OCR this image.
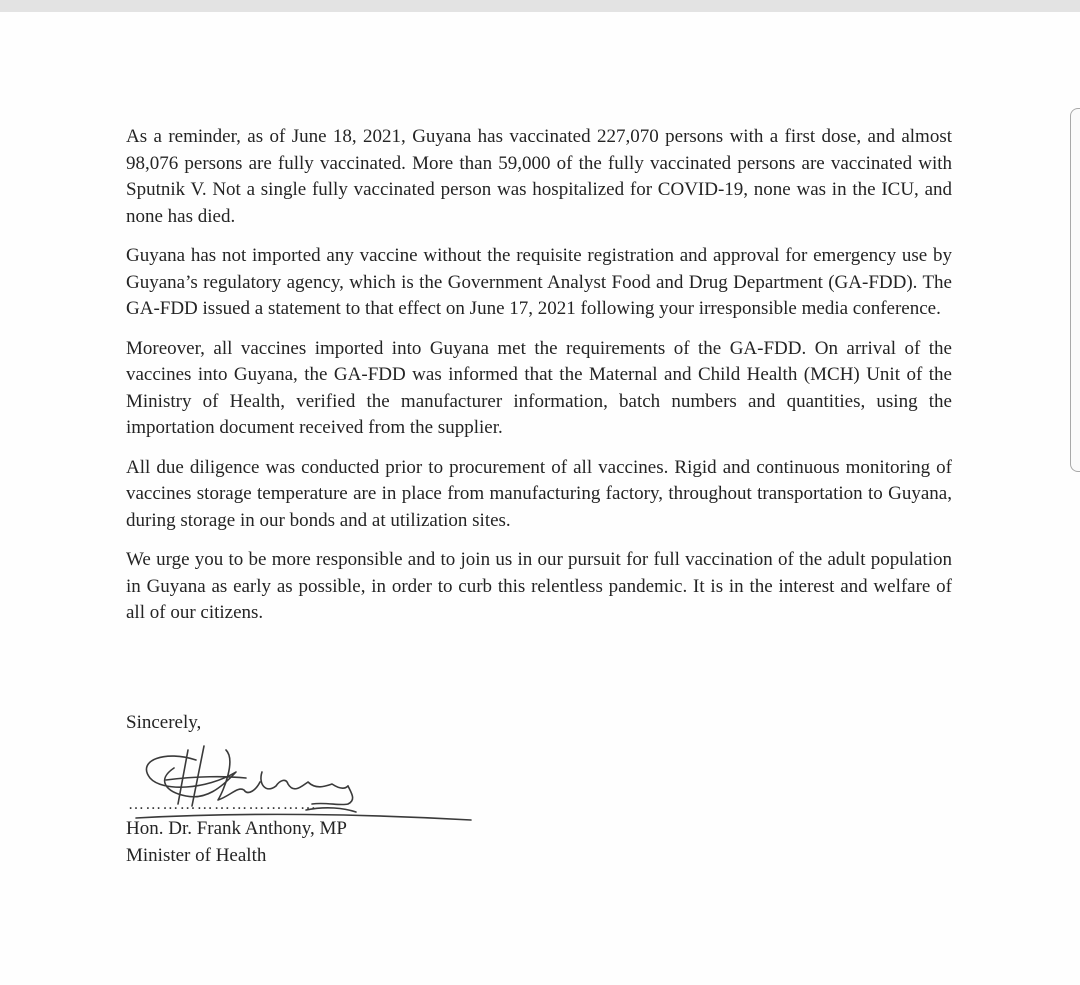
As a reminder, as of June 18, 2021, Guyana has vaccinated 227,070 persons with a first dose, and almost 98,076 persons are fully vaccinated. More than 59,000 of the fully vaccinated persons are vaccinated with Sputnik V. Not a single fully vaccinated person was hospitalized for COVID-19, none was in the ICU, and none has died.

Guyana has not imported any vaccine without the requisite registration and approval for emergency use by Guyana’s regulatory agency, which is the Government Analyst Food and Drug Department (GA-FDD). The GA-FDD issued a statement to that effect on June 17, 2021 following your irresponsible media conference.

Moreover, all vaccines imported into Guyana met the requirements of the GA-FDD. On arrival of the vaccines into Guyana, the GA-FDD was informed that the Maternal and Child Health (MCH) Unit of the Ministry of Health, verified the manufacturer information, batch numbers and quantities, using the importation document received from the supplier.

All due diligence was conducted prior to procurement of all vaccines. Rigid and continuous monitoring of vaccines storage temperature are in place from manufacturing factory, throughout transportation to Guyana, during storage in our bonds and at utilization sites.

We urge you to be more responsible and to join us in our pursuit for full vaccination of the adult population in Guyana as early as possible, in order to curb this relentless pandemic. It is in the interest and welfare of all of our citizens.

Sincerely,
……………………………
Hon. Dr. Frank Anthony, MP
Minister of Health
